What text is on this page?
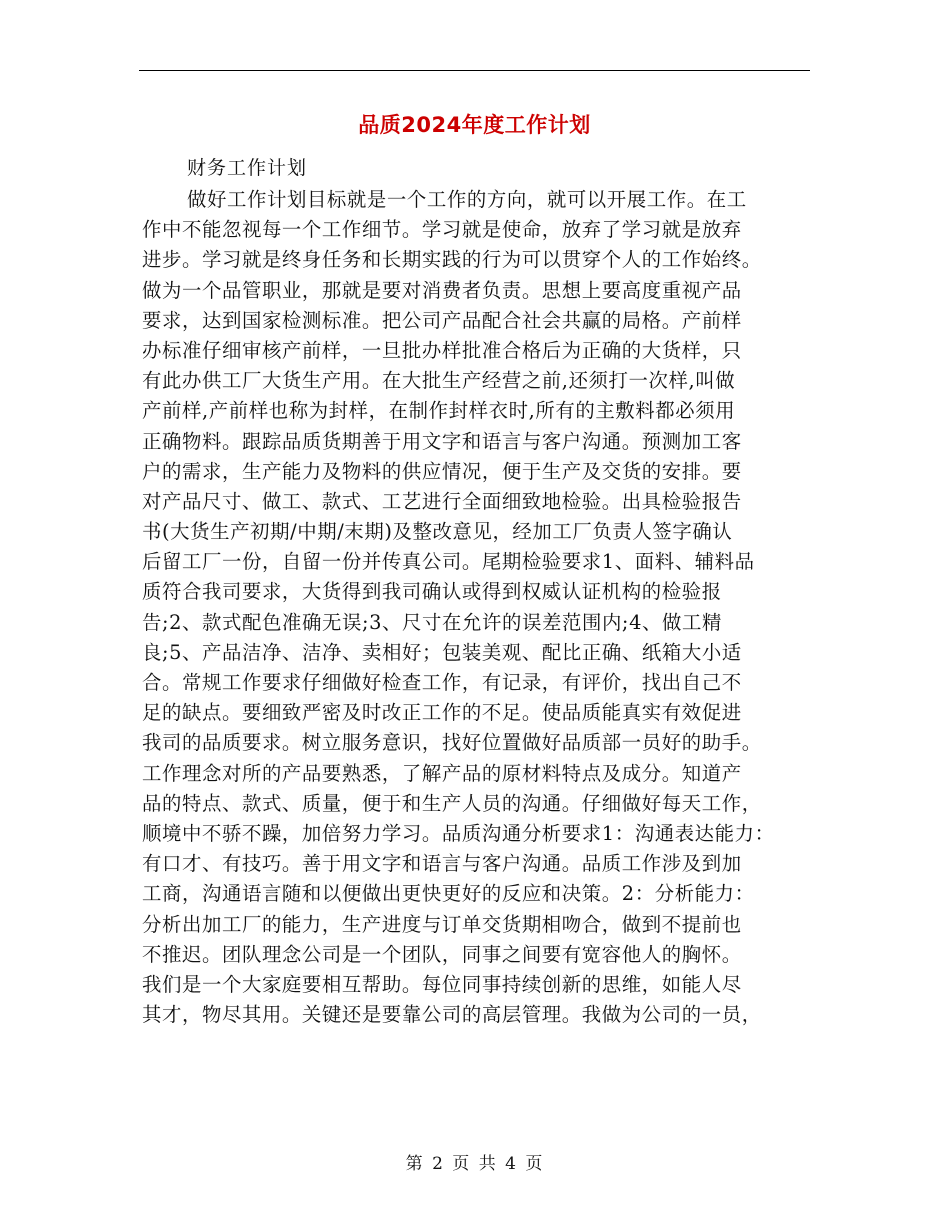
品质2024年度工作计划
财务工作计划
做好工作计划目标就是一个工作的方向，就可以开展工作。在工
作中不能忽视每一个工作细节。学习就是使命，放弃了学习就是放弃
进步。学习就是终身任务和长期实践的行为可以贯穿个人的工作始终。
做为一个品管职业，那就是要对消费者负责。思想上要高度重视产品
要求，达到国家检测标准。把公司产品配合社会共赢的局格。产前样
办标准仔细审核产前样，一旦批办样批准合格后为正确的大货样，只
有此办供工厂大货生产用。在大批生产经营之前,还须打一次样,叫做
产前样,产前样也称为封样，在制作封样衣时,所有的主敷料都必须用
正确物料。跟踪品质货期善于用文字和语言与客户沟通。预测加工客
户的需求，生产能力及物料的供应情况，便于生产及交货的安排。要
对产品尺寸、做工、款式、工艺进行全面细致地检验。出具检验报告
书(大货生产初期/中期/末期)及整改意见，经加工厂负责人签字确认
后留工厂一份，自留一份并传真公司。尾期检验要求1、面料、辅料品
质符合我司要求，大货得到我司确认或得到权威认证机构的检验报
告;2、款式配色准确无误;3、尺寸在允许的误差范围内;4、做工精
良;5、产品洁净、洁净、卖相好；包装美观、配比正确、纸箱大小适
合。常规工作要求仔细做好检查工作，有记录，有评价，找出自己不
足的缺点。要细致严密及时改正工作的不足。使品质能真实有效促进
我司的品质要求。树立服务意识，找好位置做好品质部一员好的助手。
工作理念对所的产品要熟悉，了解产品的原材料特点及成分。知道产
品的特点、款式、质量，便于和生产人员的沟通。仔细做好每天工作，
顺境中不骄不躁，加倍努力学习。品质沟通分析要求1：沟通表达能力：
有口才、有技巧。善于用文字和语言与客户沟通。品质工作涉及到加
工商，沟通语言随和以便做出更快更好的反应和决策。2：分析能力：
分析出加工厂的能力，生产进度与订单交货期相吻合，做到不提前也
不推迟。团队理念公司是一个团队，同事之间要有宽容他人的胸怀。
我们是一个大家庭要相互帮助。每位同事持续创新的思维，如能人尽
其才，物尽其用。关键还是要靠公司的高层管理。我做为公司的一员，
第 2 页 共 4 页
